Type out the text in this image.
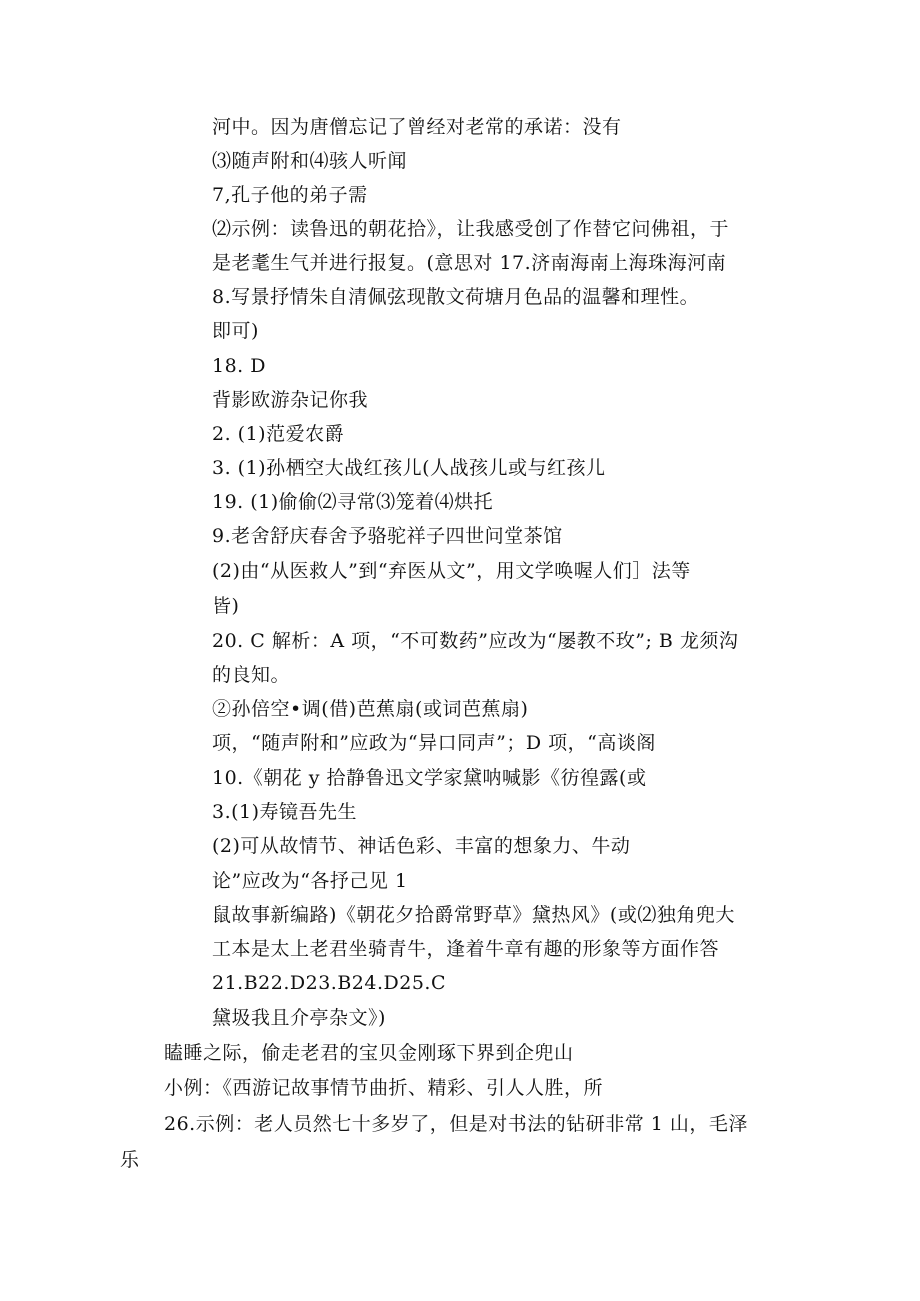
河中。因为唐僧忘记了曾经对老常的承诺：没有
⑶随声附和⑷骇人听闻
7,孔子他的弟子需
⑵示例：读鲁迅的朝花拾》，让我感受创了作替它问佛祖，于
是老耄生气并进行报复。(意思对 17.济南海南上海珠海河南
8.写景抒情朱自清佩弦现散文荷塘月色品的温馨和理性。
即可)
18. D
背影欧游杂记你我
2. (1)范爱农爵
3. (1)孙栖空大战红孩儿(人战孩儿或与红孩儿
19. (1)偷偷⑵寻常⑶笼着⑷烘托
9.老舍舒庆春舍予骆驼祥子四世问堂茶馆
(2)由“从医救人”到“弃医从文”，用文学唤喔人们］法等
皆)
20. C 解析：A 项，“不可数药”应改为“屡教不玫”; B 龙须沟
的良知。
②孙倍空•调(借)芭蕉扇(或词芭蕉扇)
项，“随声附和”应政为“异口同声”；D 项，“高谈阁
10.《朝花 y 拾静鲁迅文学家黛呐喊影《彷徨露(或
3.(1)寿镜吾先生
(2)可从故情节、神话色彩、丰富的想象力、牛动
论”应改为“各抒己见 1
鼠故事新编路)《朝花夕拾爵常野草》黛热风》(或⑵独角兜大
工本是太上老君坐骑青牛，逢着牛章有趣的形象等方面作答
21.B22.D23.B24.D25.C
黛圾我且介亭杂文》)
瞌睡之际，偷走老君的宝贝金刚琢下界到企兜山
小例：《西游记故事情节曲折、精彩、引人人胜，所
26.示例：老人员然七十多岁了，但是对书法的钻研非常 1 山，毛泽
乐
